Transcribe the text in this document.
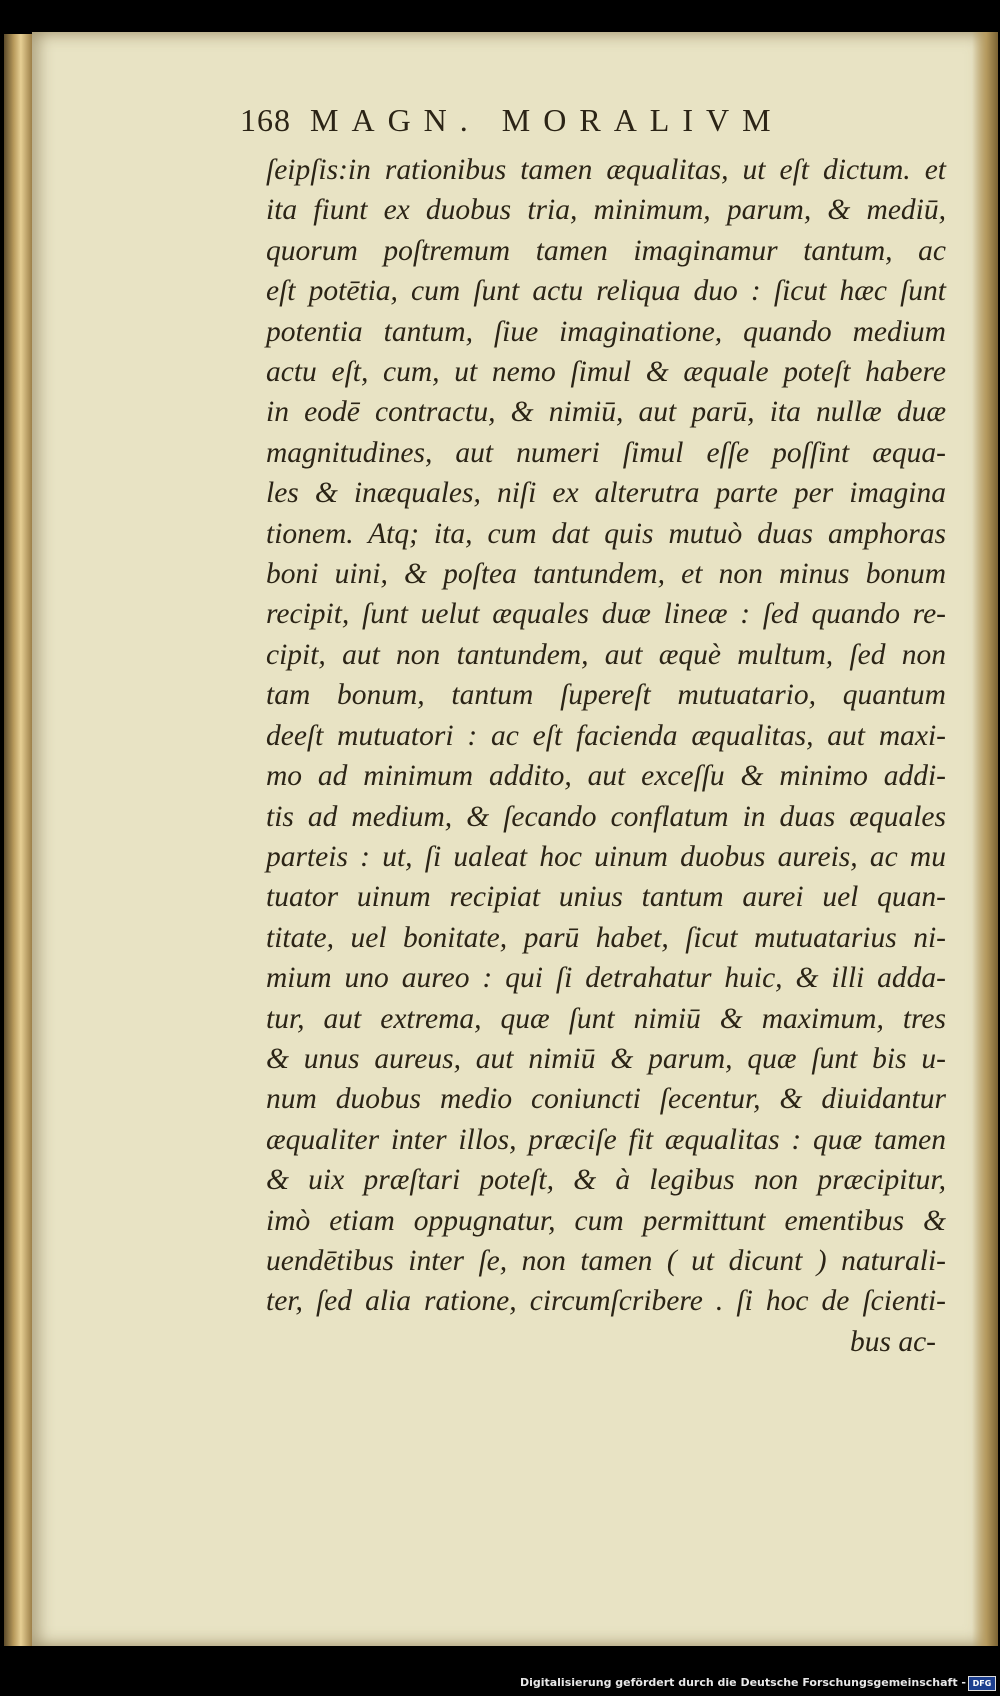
168 MAGN. MORALIVM
ſeipſis:in rationibus tamen æqualitas, ut eſt dictum. et
ita fiunt ex duobus tria, minimum, parum, & mediū,
quorum poſtremum tamen imaginamur tantum, ac
eſt potētia, cum ſunt actu reliqua duo : ſicut hæc ſunt
potentia tantum, ſiue imaginatione, quando medium
actu eſt, cum, ut nemo ſimul & æquale poteſt habere
in eodē contractu, & nimiū, aut parū, ita nullæ duæ
magnitudines, aut numeri ſimul eſſe poſſint æqua-
les & inæquales, niſi ex alterutra parte per imagina
tionem. Atq; ita, cum dat quis mutuò duas amphoras
boni uini, & poſtea tantundem, et non minus bonum
recipit, ſunt uelut æquales duæ lineæ : ſed quando re-
cipit, aut non tantundem, aut æquè multum, ſed non
tam bonum, tantum ſupereſt mutuatario, quantum
deeſt mutuatori : ac eſt facienda æqualitas, aut maxi-
mo ad minimum addito, aut exceſſu & minimo addi-
tis ad medium, & ſecando conflatum in duas æquales
parteis : ut, ſi ualeat hoc uinum duobus aureis, ac mu
tuator uinum recipiat unius tantum aurei uel quan-
titate, uel bonitate, parū habet, ſicut mutuatarius ni-
mium uno aureo : qui ſi detrahatur huic, & illi adda-
tur, aut extrema, quæ ſunt nimiū & maximum, tres
& unus aureus, aut nimiū & parum, quæ ſunt bis u-
num duobus medio coniuncti ſecentur, & diuidantur
æqualiter inter illos, præciſe fit æqualitas : quæ tamen
& uix præſtari poteſt, & à legibus non præcipitur,
imò etiam oppugnatur, cum permittunt ementibus &
uendētibus inter ſe, non tamen ( ut dicunt ) naturali-
ter, ſed alia ratione, circumſcribere . ſi hoc de ſcienti-
bus ac-
Digitalisierung gefördert durch die Deutsche Forschungsgemeinschaft - DFG
